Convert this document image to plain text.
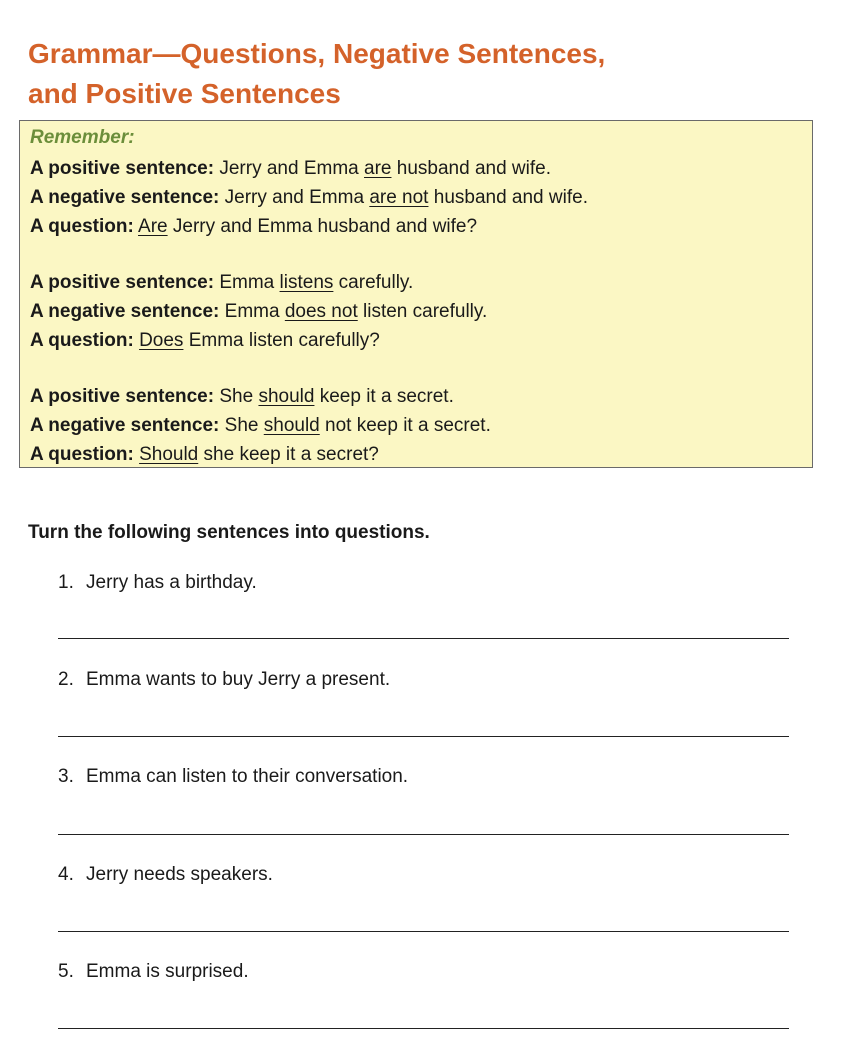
Grammar—Questions, Negative Sentences,
and Positive Sentences
Remember:
A positive sentence: Jerry and Emma are husband and wife.
A negative sentence: Jerry and Emma are not husband and wife.
A question: Are Jerry and Emma husband and wife?
A positive sentence: Emma listens carefully.
A negative sentence: Emma does not listen carefully.
A question: Does Emma listen carefully?
A positive sentence: She should keep it a secret.
A negative sentence: She should not keep it a secret.
A question: Should she keep it a secret?
Turn the following sentences into questions.
1. Jerry has a birthday.
2. Emma wants to buy Jerry a present.
3. Emma can listen to their conversation.
4. Jerry needs speakers.
5. Emma is surprised.
